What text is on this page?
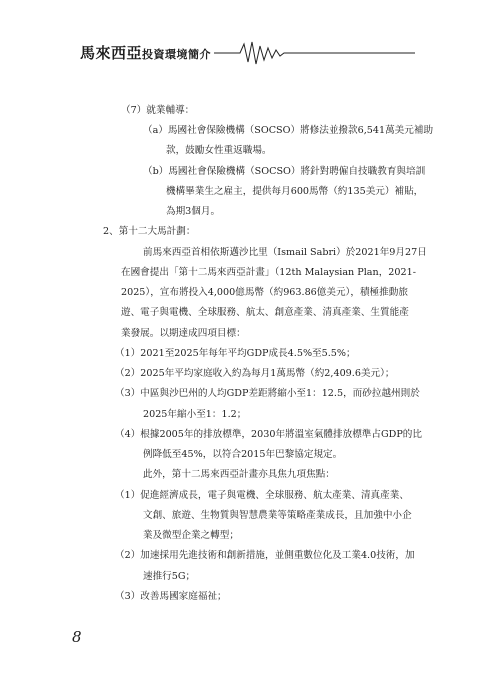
馬來西亞投資環境簡介
（7）就業輔導：
（a）馬國社會保險機構（SOCSO）將修法並撥款6,541萬美元補助
款，鼓勵女性重返職場。
（b）馬國社會保險機構（SOCSO）將針對聘僱自技職教育與培訓
機構畢業生之雇主，提供每月600馬幣（約135美元）補貼，
為期3個月。
2、第十二大馬計劃：
前馬來西亞首相依斯邁沙比里（Ismail Sabri）於2021年9月27日
在國會提出「第十二馬來西亞計畫」（12th Malaysian Plan，2021-
2025），宣布將投入4,000億馬幣（約963.86億美元），積極推動旅
遊、電子與電機、全球服務、航太、創意產業、清真產業、生質能產
業發展。以期達成四項目標：
（1）2021至2025年每年平均GDP成長4.5%至5.5%；
（2）2025年平均家庭收入約為每月1萬馬幣（約2,409.6美元）；
（3）中區與沙巴州的人均GDP差距將縮小至1：12.5，而砂拉越州則於
2025年縮小至1：1.2；
（4）根據2005年的排放標準，2030年將溫室氣體排放標準占GDP的比
例降低至45%，以符合2015年巴黎協定規定。
此外，第十二馬來西亞計畫亦具焦九項焦點：
（1）促進經濟成長，電子與電機、全球服務、航太產業、清真產業、
文創、旅遊、生物質與智慧農業等策略產業成長，且加強中小企
業及微型企業之轉型；
（2）加速採用先進技術和創新措施，並側重數位化及工業4.0技術，加
速推行5G；
（3）改善馬國家庭福祉；
8
